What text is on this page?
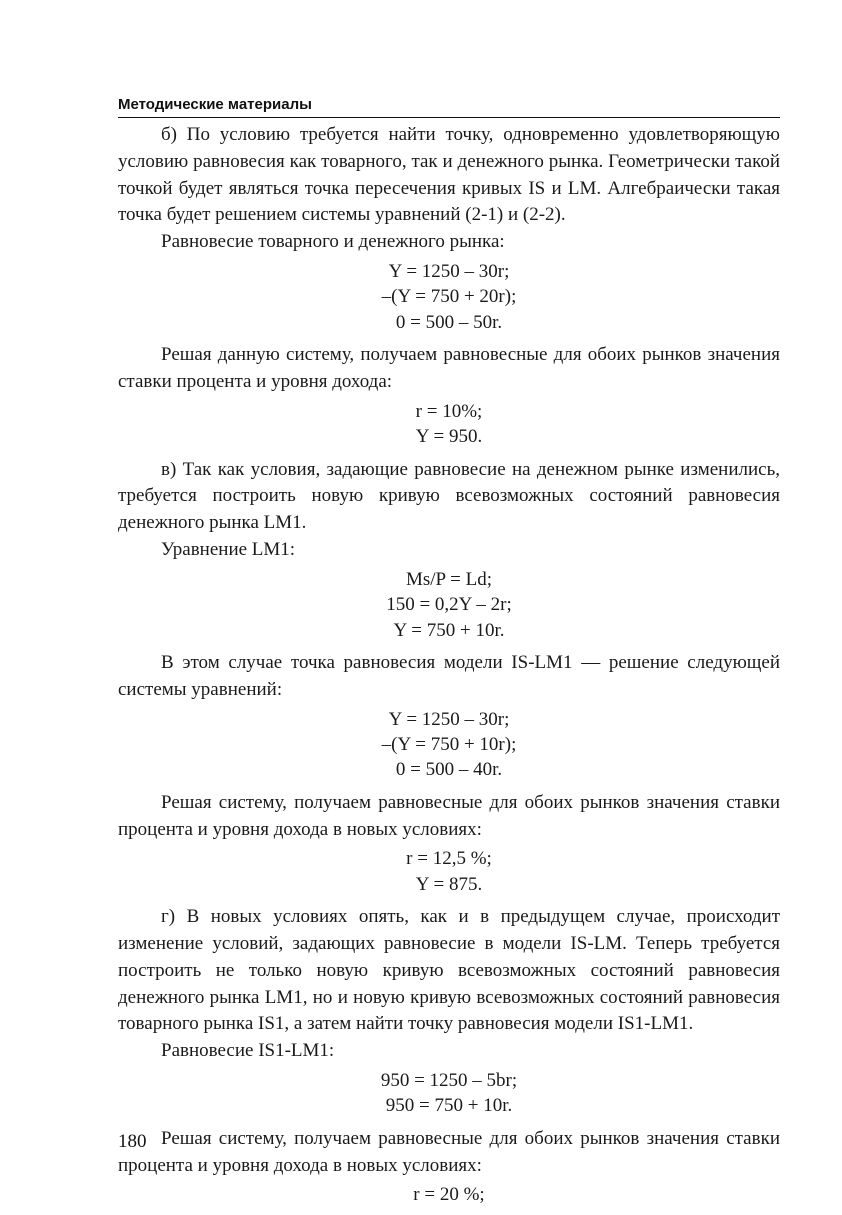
Методические материалы

б) По условию требуется найти точку, одновременно удовлетворяющую условию равновесия как товарного, так и денежного рынка. Геометрически такой точкой будет являться точка пересечения кривых IS и LM. Алгебраически такая точка будет решением системы уравнений (2-1) и (2-2).

Равновесие товарного и денежного рынка:

Y = 1250 – 30r;

–(Y = 750 + 20r);

0 = 500 – 50r.

Решая данную систему, получаем равновесные для обоих рынков значения ставки процента и уровня дохода:

r = 10%;

Y = 950.

в) Так как условия, задающие равновесие на денежном рынке изменились, требуется построить новую кривую всевозможных состояний равновесия денежного рынка LM1.

Уравнение LM1:

Ms/P = Ld;

150 = 0,2Y – 2r;

Y = 750 + 10r.

В этом случае точка равновесия модели IS-LM1 — решение следующей системы уравнений:

Y = 1250 – 30r;

–(Y = 750 + 10r);

0 = 500 – 40r.

Решая систему, получаем равновесные для обоих рынков значения ставки процента и уровня дохода в новых условиях:

r = 12,5 %;

Y = 875.

г) В новых условиях опять, как и в предыдущем случае, происходит изменение условий, задающих равновесие в модели IS-LM. Теперь требуется построить не только новую кривую всевозможных состояний равновесия денежного рынка LM1, но и новую кривую всевозможных состояний равновесия товарного рынка IS1, а затем найти точку равновесия модели IS1-LM1.

Равновесие IS1-LM1:

950 = 1250 – 5br;

950 = 750 + 10r.

Решая систему, получаем равновесные для обоих рынков значения ставки процента и уровня дохода в новых условиях:

r = 20 %;

180
